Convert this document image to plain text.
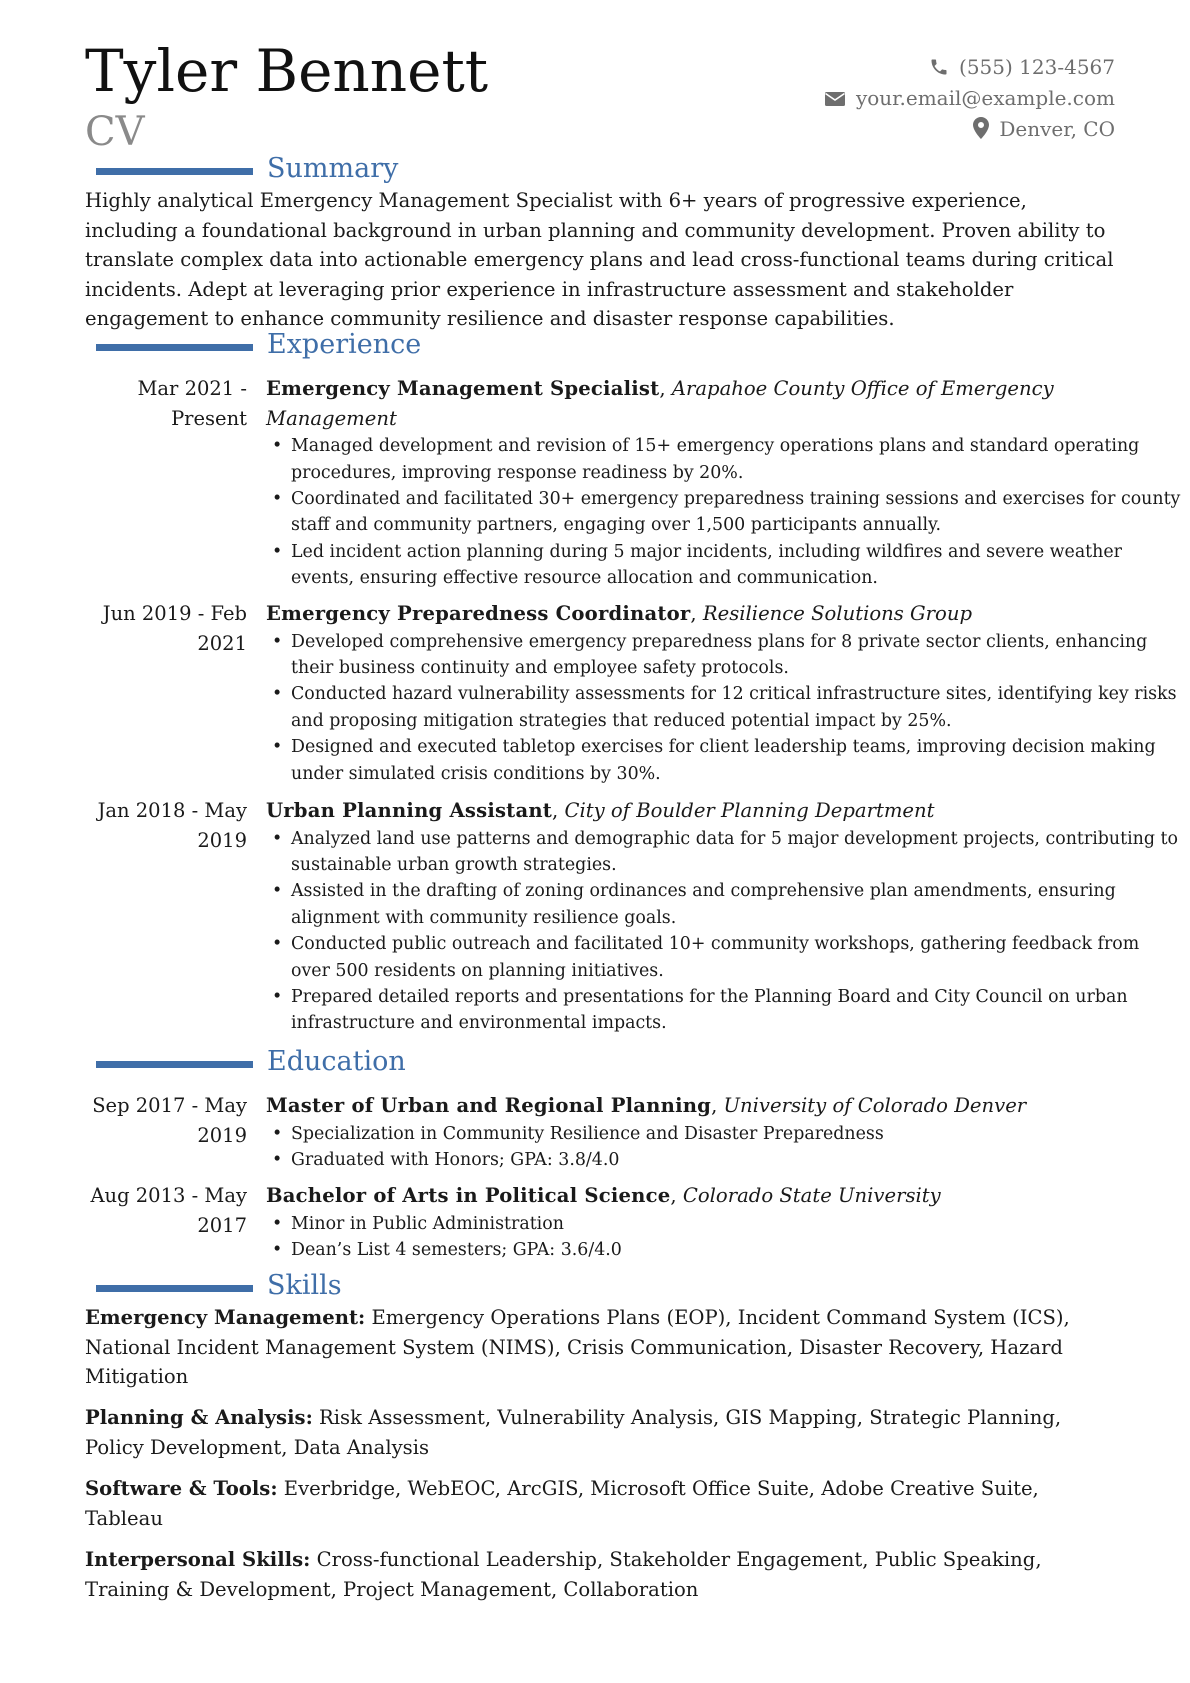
Tyler Bennett
CV
(555) 123-4567
your.email@example.com
Denver, CO
Summary
Highly analytical Emergency Management Specialist with 6+ years of progressive experience, including a foundational background in urban planning and community development. Proven ability to translate complex data into actionable emergency plans and lead cross-functional teams during critical incidents. Adept at leveraging prior experience in infrastructure assessment and stakeholder engagement to enhance community resilience and disaster response capabilities.
Experience
Mar 2021 - Present
Emergency Management Specialist, Arapahoe County Office of Emergency Management
• Managed development and revision of 15+ emergency operations plans and standard operating procedures, improving response readiness by 20%.
• Coordinated and facilitated 30+ emergency preparedness training sessions and exercises for county staff and community partners, engaging over 1,500 participants annually.
• Led incident action planning during 5 major incidents, including wildfires and severe weather events, ensuring effective resource allocation and communication.
Jun 2019 - Feb 2021
Emergency Preparedness Coordinator, Resilience Solutions Group
• Developed comprehensive emergency preparedness plans for 8 private sector clients, enhancing their business continuity and employee safety protocols.
• Conducted hazard vulnerability assessments for 12 critical infrastructure sites, identifying key risks and proposing mitigation strategies that reduced potential impact by 25%.
• Designed and executed tabletop exercises for client leadership teams, improving decision making under simulated crisis conditions by 30%.
Jan 2018 - May 2019
Urban Planning Assistant, City of Boulder Planning Department
• Analyzed land use patterns and demographic data for 5 major development projects, contributing to sustainable urban growth strategies.
• Assisted in the drafting of zoning ordinances and comprehensive plan amendments, ensuring alignment with community resilience goals.
• Conducted public outreach and facilitated 10+ community workshops, gathering feedback from over 500 residents on planning initiatives.
• Prepared detailed reports and presentations for the Planning Board and City Council on urban infrastructure and environmental impacts.
Education
Sep 2017 - May 2019
Master of Urban and Regional Planning, University of Colorado Denver
• Specialization in Community Resilience and Disaster Preparedness
• Graduated with Honors; GPA: 3.8/4.0
Aug 2013 - May 2017
Bachelor of Arts in Political Science, Colorado State University
• Minor in Public Administration
• Dean’s List 4 semesters; GPA: 3.6/4.0
Skills
Emergency Management: Emergency Operations Plans (EOP), Incident Command System (ICS), National Incident Management System (NIMS), Crisis Communication, Disaster Recovery, Hazard Mitigation
Planning & Analysis: Risk Assessment, Vulnerability Analysis, GIS Mapping, Strategic Planning, Policy Development, Data Analysis
Software & Tools: Everbridge, WebEOC, ArcGIS, Microsoft Office Suite, Adobe Creative Suite, Tableau
Interpersonal Skills: Cross-functional Leadership, Stakeholder Engagement, Public Speaking, Training & Development, Project Management, Collaboration
